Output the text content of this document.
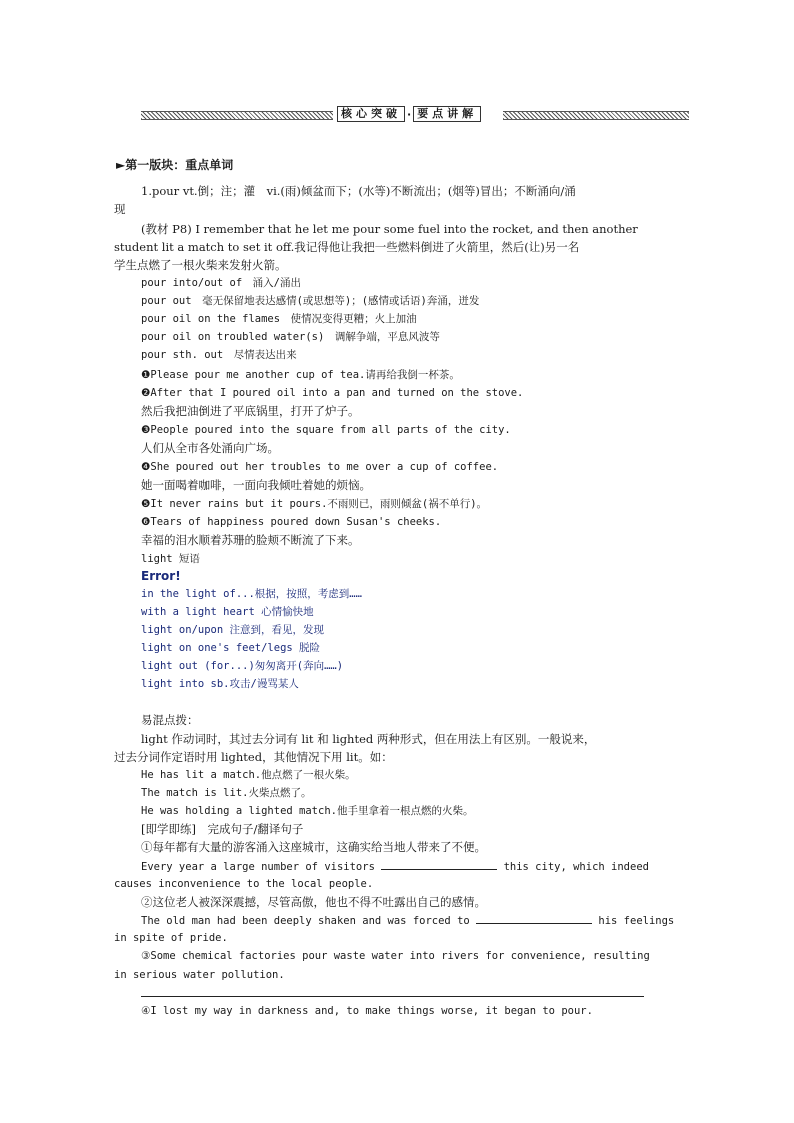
核心突破 · 要点讲解
►第一版块：重点单词
1.pour vt.倒；注；灌　vi.(雨)倾盆而下；(水等)不断流出；(烟等)冒出；不断涌向/涌
现
(教材 P8) I remember that he let me pour some fuel into the rocket, and then another
student lit a match to set it off.我记得他让我把一些燃料倒进了火箭里，然后(让)另一名
学生点燃了一根火柴来发射火箭。
pour into/out of　涌入/涌出
pour out　毫无保留地表达感情(或思想等)；(感情或话语)奔涌，迸发
pour oil on the flames　使情况变得更糟；火上加油
pour oil on troubled water(s)　调解争端，平息风波等
pour sth. out　尽情表达出来
❶Please pour me another cup of tea.请再给我倒一杯茶。
❷After that I poured oil into a pan and turned on the stove.
然后我把油倒进了平底锅里，打开了炉子。
❸People poured into the square from all parts of the city.
人们从全市各处涌向广场。
❹She poured out her troubles to me over a cup of coffee.
她一面喝着咖啡，一面向我倾吐着她的烦恼。
❺It never rains but it pours.不雨则已，雨则倾盆(祸不单行)。
❻Tears of happiness poured down Susan's cheeks.
幸福的泪水顺着苏珊的脸颊不断流了下来。
light 短语
Error!
in the light of...根据，按照，考虑到……
with a light heart 心情愉快地
light on/upon 注意到，看见，发现
light on one's feet/legs 脱险
light out (for...)匆匆离开(奔向……)
light into sb.攻击/谩骂某人
易混点拨：
light 作动词时，其过去分词有 lit 和 lighted 两种形式，但在用法上有区别。一般说来，
过去分词作定语时用 lighted，其他情况下用 lit。如：
He has lit a match.他点燃了一根火柴。
The match is lit.火柴点燃了。
He was holding a lighted match.他手里拿着一根点燃的火柴。
[即学即练]　完成句子/翻译句子
①每年都有大量的游客涌入这座城市，这确实给当地人带来了不便。
Every year a large number of visitors	this city, which indeed
causes inconvenience to the local people.
②这位老人被深深震撼，尽管高傲，他也不得不吐露出自己的感情。
The old man had been deeply shaken and was forced to	his feelings
in spite of pride.
③Some chemical factories pour waste water into rivers for convenience, resulting
in serious water pollution.
④I lost my way in darkness and, to make things worse, it began to pour.
